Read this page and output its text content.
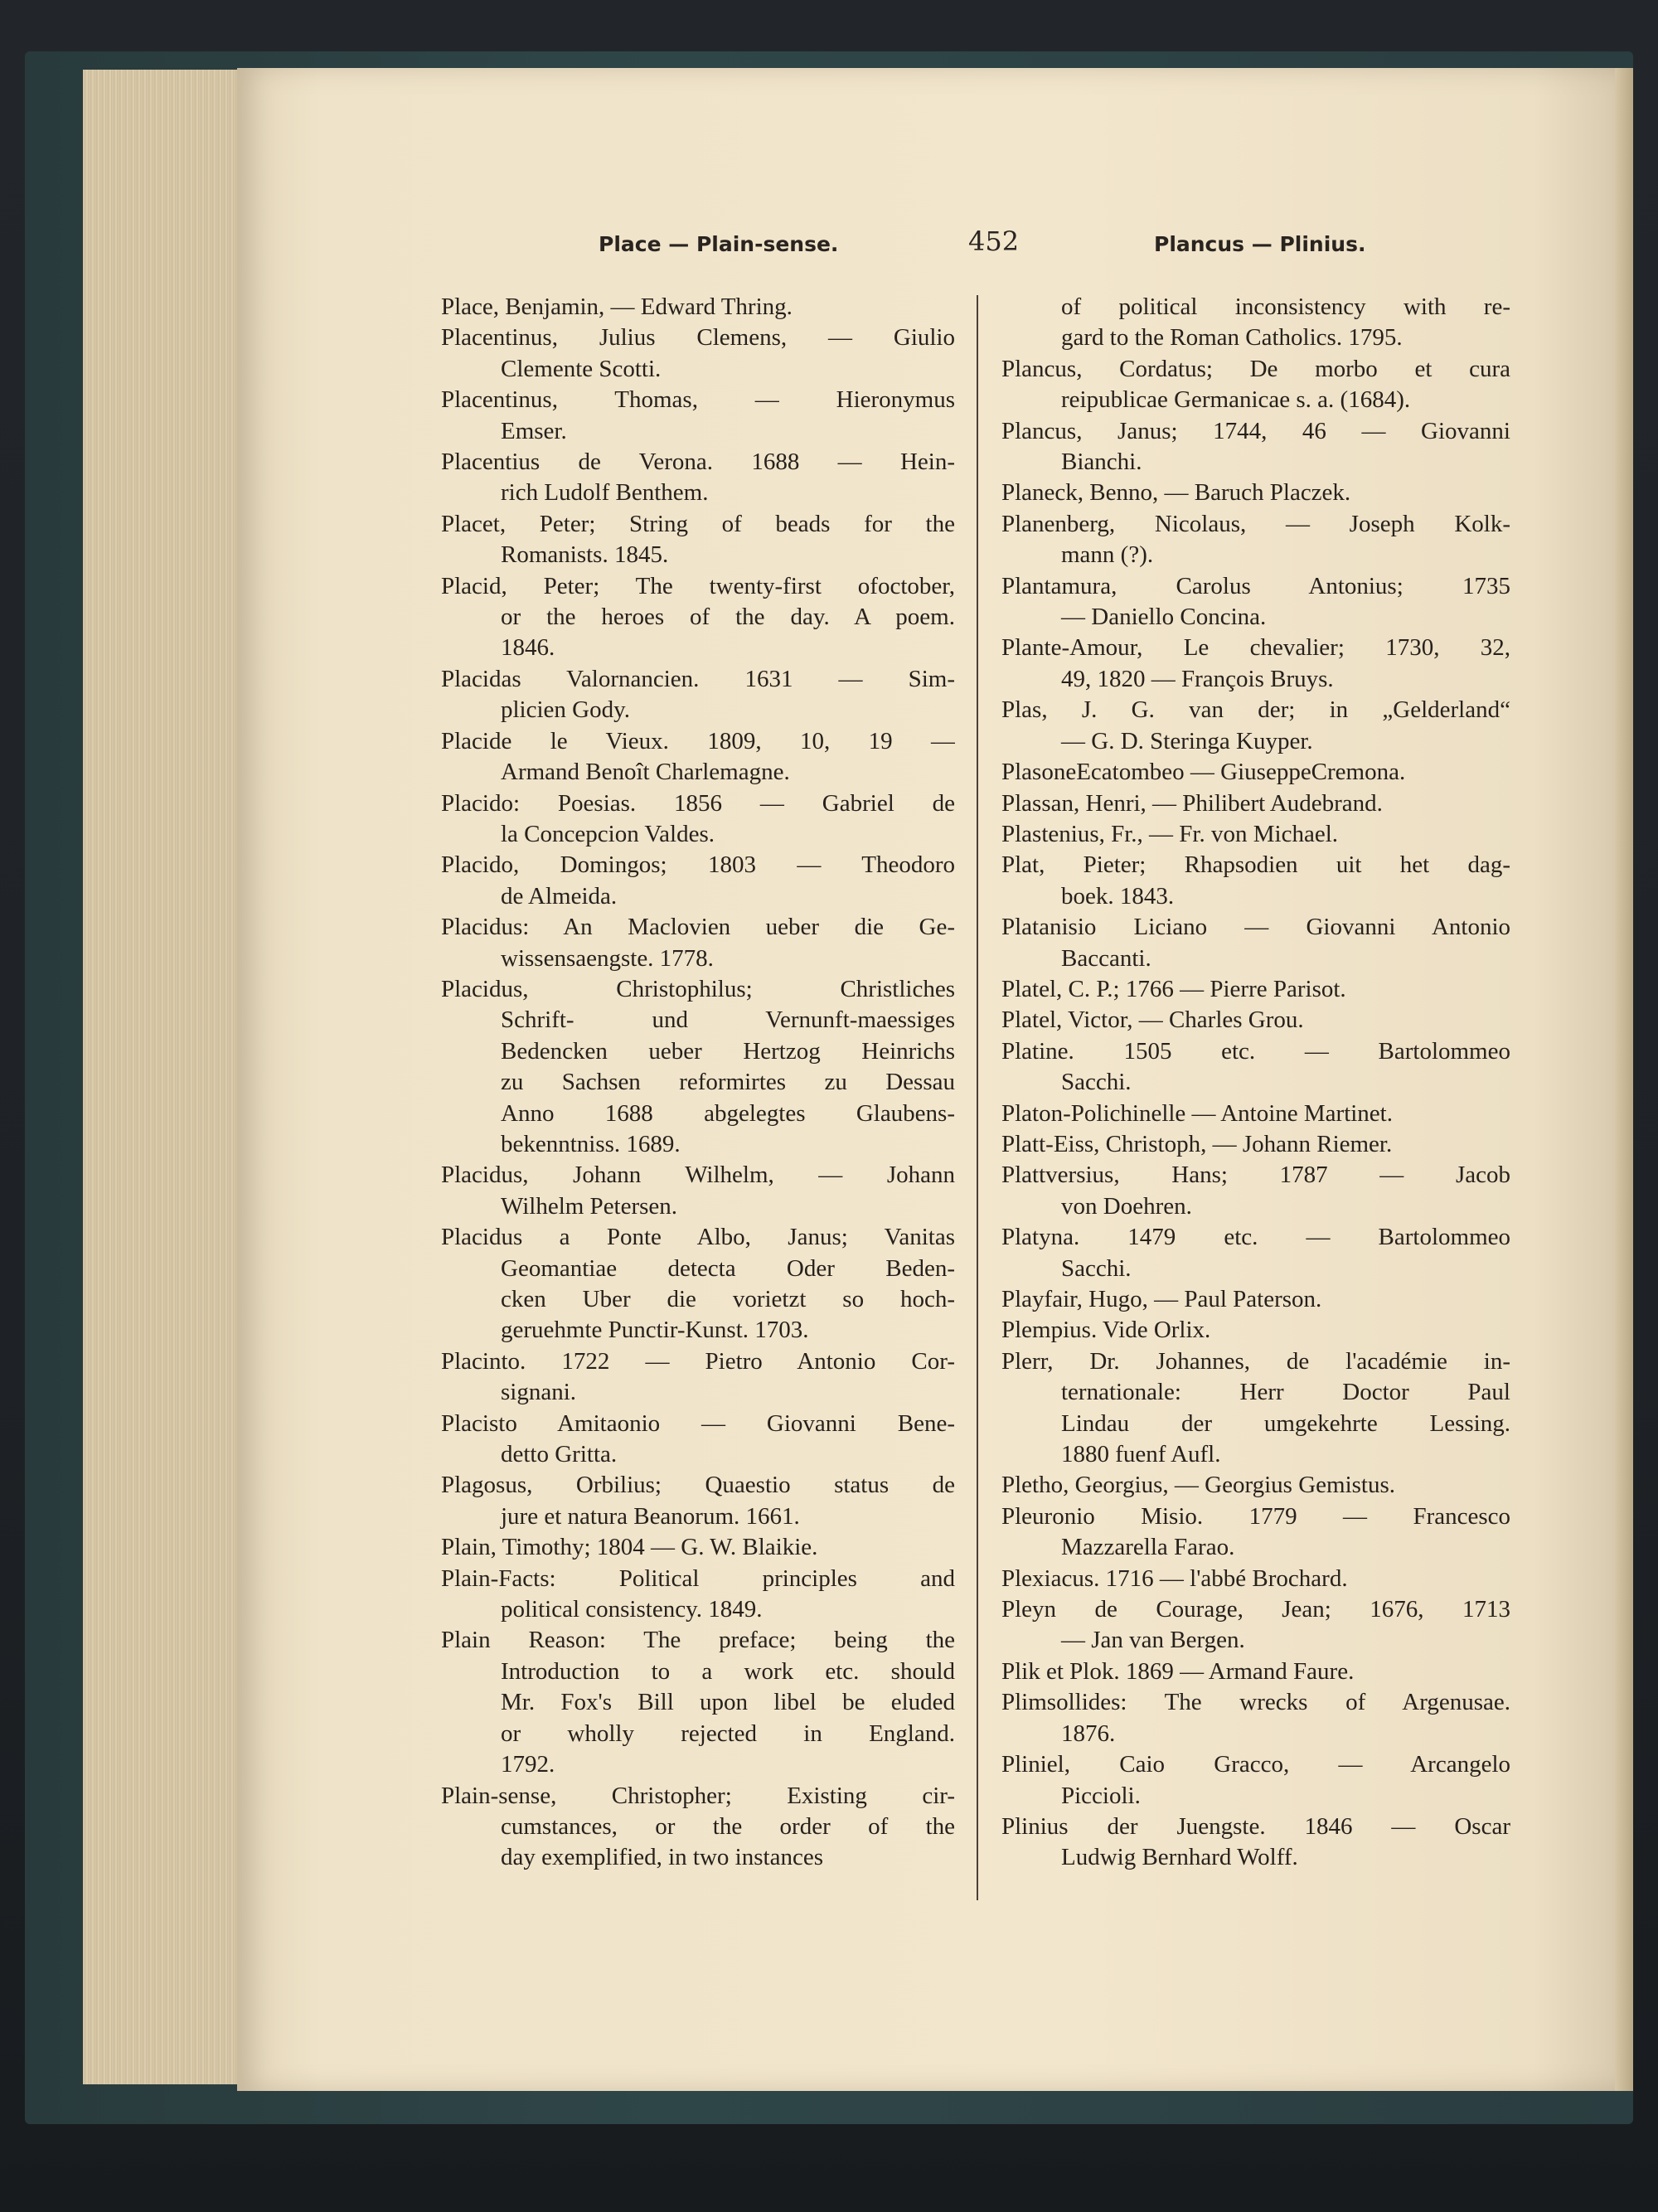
Place — Plain-sense.	452	Plancus — Plinius.
Place, Benjamin, — Edward Thring.
Placentinus, Julius Clemens, — Giulio
Clemente Scotti.
Placentinus, Thomas, — Hieronymus
Emser.
Placentius de Verona. 1688 — Hein-
rich Ludolf Benthem.
Placet, Peter; String of beads for the
Romanists. 1845.
Placid, Peter; The twenty-first ofoctober,
or the heroes of the day. A poem.
1846.
Placidas Valornancien. 1631 — Sim-
plicien Gody.
Placide le Vieux. 1809, 10, 19 —
Armand Benoît Charlemagne.
Placido: Poesias. 1856 — Gabriel de
la Concepcion Valdes.
Placido, Domingos; 1803 — Theodoro
de Almeida.
Placidus: An Maclovien ueber die Ge-
wissensaengste. 1778.
Placidus, Christophilus; Christliches
Schrift- und Vernunft-maessiges
Bedencken ueber Hertzog Heinrichs
zu Sachsen reformirtes zu Dessau
Anno 1688 abgelegtes Glaubens-
bekenntniss. 1689.
Placidus, Johann Wilhelm, — Johann
Wilhelm Petersen.
Placidus a Ponte Albo, Janus; Vanitas
Geomantiae detecta Oder Beden-
cken Uber die vorietzt so hoch-
geruehmte Punctir-Kunst. 1703.
Placinto. 1722 — Pietro Antonio Cor-
signani.
Placisto Amitaonio — Giovanni Bene-
detto Gritta.
Plagosus, Orbilius; Quaestio status de
jure et natura Beanorum. 1661.
Plain, Timothy; 1804 — G. W. Blaikie.
Plain-Facts: Political principles and
political consistency. 1849.
Plain Reason: The preface; being the
Introduction to a work etc. should
Mr. Fox's Bill upon libel be eluded
or wholly rejected in England.
1792.
Plain-sense, Christopher; Existing cir-
cumstances, or the order of the
day exemplified, in two instances
of political inconsistency with re-
gard to the Roman Catholics. 1795.
Plancus, Cordatus; De morbo et cura
reipublicae Germanicae s. a. (1684).
Plancus, Janus; 1744, 46 — Giovanni
Bianchi.
Planeck, Benno, — Baruch Placzek.
Planenberg, Nicolaus, — Joseph Kolk-
mann (?).
Plantamura, Carolus Antonius; 1735
— Daniello Concina.
Plante-Amour, Le chevalier; 1730, 32,
49, 1820 — François Bruys.
Plas, J. G. van der; in „Gelderland“
— G. D. Steringa Kuyper.
PlasoneEcatombeo — GiuseppeCremona.
Plassan, Henri, — Philibert Audebrand.
Plastenius, Fr., — Fr. von Michael.
Plat, Pieter; Rhapsodien uit het dag-
boek. 1843.
Platanisio Liciano — Giovanni Antonio
Baccanti.
Platel, C. P.; 1766 — Pierre Parisot.
Platel, Victor, — Charles Grou.
Platine. 1505 etc. — Bartolommeo
Sacchi.
Platon-Polichinelle — Antoine Martinet.
Platt-Eiss, Christoph, — Johann Riemer.
Plattversius, Hans; 1787 — Jacob
von Doehren.
Platyna. 1479 etc. — Bartolommeo
Sacchi.
Playfair, Hugo, — Paul Paterson.
Plempius. Vide Orlix.
Plerr, Dr. Johannes, de l'académie in-
ternationale: Herr Doctor Paul
Lindau der umgekehrte Lessing.
1880 fuenf Aufl.
Pletho, Georgius, — Georgius Gemistus.
Pleuronio Misio. 1779 — Francesco
Mazzarella Farao.
Plexiacus. 1716 — l'abbé Brochard.
Pleyn de Courage, Jean; 1676, 1713
— Jan van Bergen.
Plik et Plok. 1869 — Armand Faure.
Plimsollides: The wrecks of Argenusae.
1876.
Pliniel, Caio Gracco, — Arcangelo
Piccioli.
Plinius der Juengste. 1846 — Oscar
Ludwig Bernhard Wolff.
